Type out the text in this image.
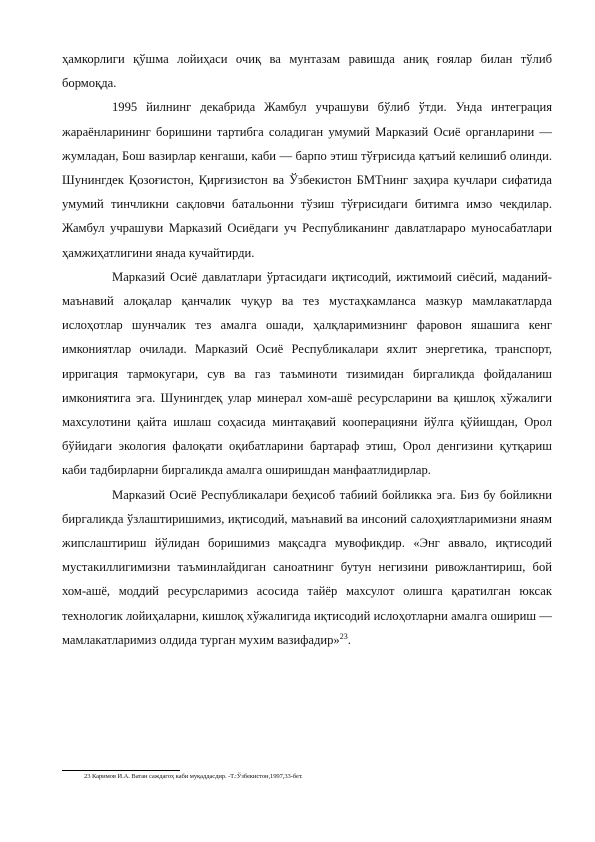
ҳамкорлиги қўшма лойиҳаси очиқ ва мунтазам равишда аниқ ғоялар билан тўлиб бормоқда.

1995 йилнинг декабрида Жамбул учрашуви бўлиб ўтди. Унда интеграция жараёнларининг боришини тартибга соладиган умумий Марказий Осиё органларини — жумладан, Бош вазирлар кенгаши, каби — барпо этиш тўғрисида қатъий келишиб олинди. Шунингдек Қозоғистон, Қирғизистон ва Ўзбекистон БМТнинг заҳира кучлари сифатида умумий тинчликни сақловчи батальонни тўзиш тўғрисидаги битимга имзо чекдилар. Жамбул учрашуви Марказий Осиёдаги уч Республиканинг давлатлараро муносабатлари ҳамжиҳатлигини янада кучайтирди.

Марказий Осиё давлатлари ўртасидаги иқтисодий, ижтимоий сиёсий, маданий-маънавий алоқалар қанчалик чуқур ва тез мустаҳкамланса мазкур мамлакатларда ислоҳотлар шунчалик тез амалга ошади, ҳалқларимизнинг фаровон яшашига кенг имкониятлар очилади. Марказий Осиё Республикалари яхлит энергетика, транспорт, ирригация тармокугари, сув ва газ таъминоти тизимидан биргаликда фойдаланиш имкониятига эга. Шунингдеқ улар минерал хом-ашё ресурсларини ва қишлоқ хўжалиги махсулотини қайта ишлаш соҳасида минтақавий кооперацияни йўлга қўйишдан, Орол бўйидаги экология фалоқати оқибатларини бартараф этиш, Орол денгизини қутқариш каби тадбирларни биргаликда амалга оширишдан манфаатлидирлар.

Марказий Осиё Республикалари беҳисоб табиий бойликка эга. Биз бу бойликни биргаликда ўзлаштиришимиз, иқтисодий, маънавий ва инсоний салоҳиятларимизни янаям жипслаштириш йўлидан боришимиз мақсадга мувофикдир. «Энг аввало, иқтисодий мустакиллигимизни таъминлайдиган саноатнинг бутун негизини ривожлантириш, бой хом-ашё, моддий ресурсларимиз асосида тайёр махсулот олишга қаратилган юксак технологик лойиҳаларни, кишлоқ хўжалигида иқтисодий ислоҳотларни амалга ошириш — мамлакатларимиз олдида турган мухим вазифадир»$^{23}$.

23 Каримов И.А. Ватан саждагоҳ каби муқаддасдир. -Т.:Ўзбекистон,1997,33-бет.
